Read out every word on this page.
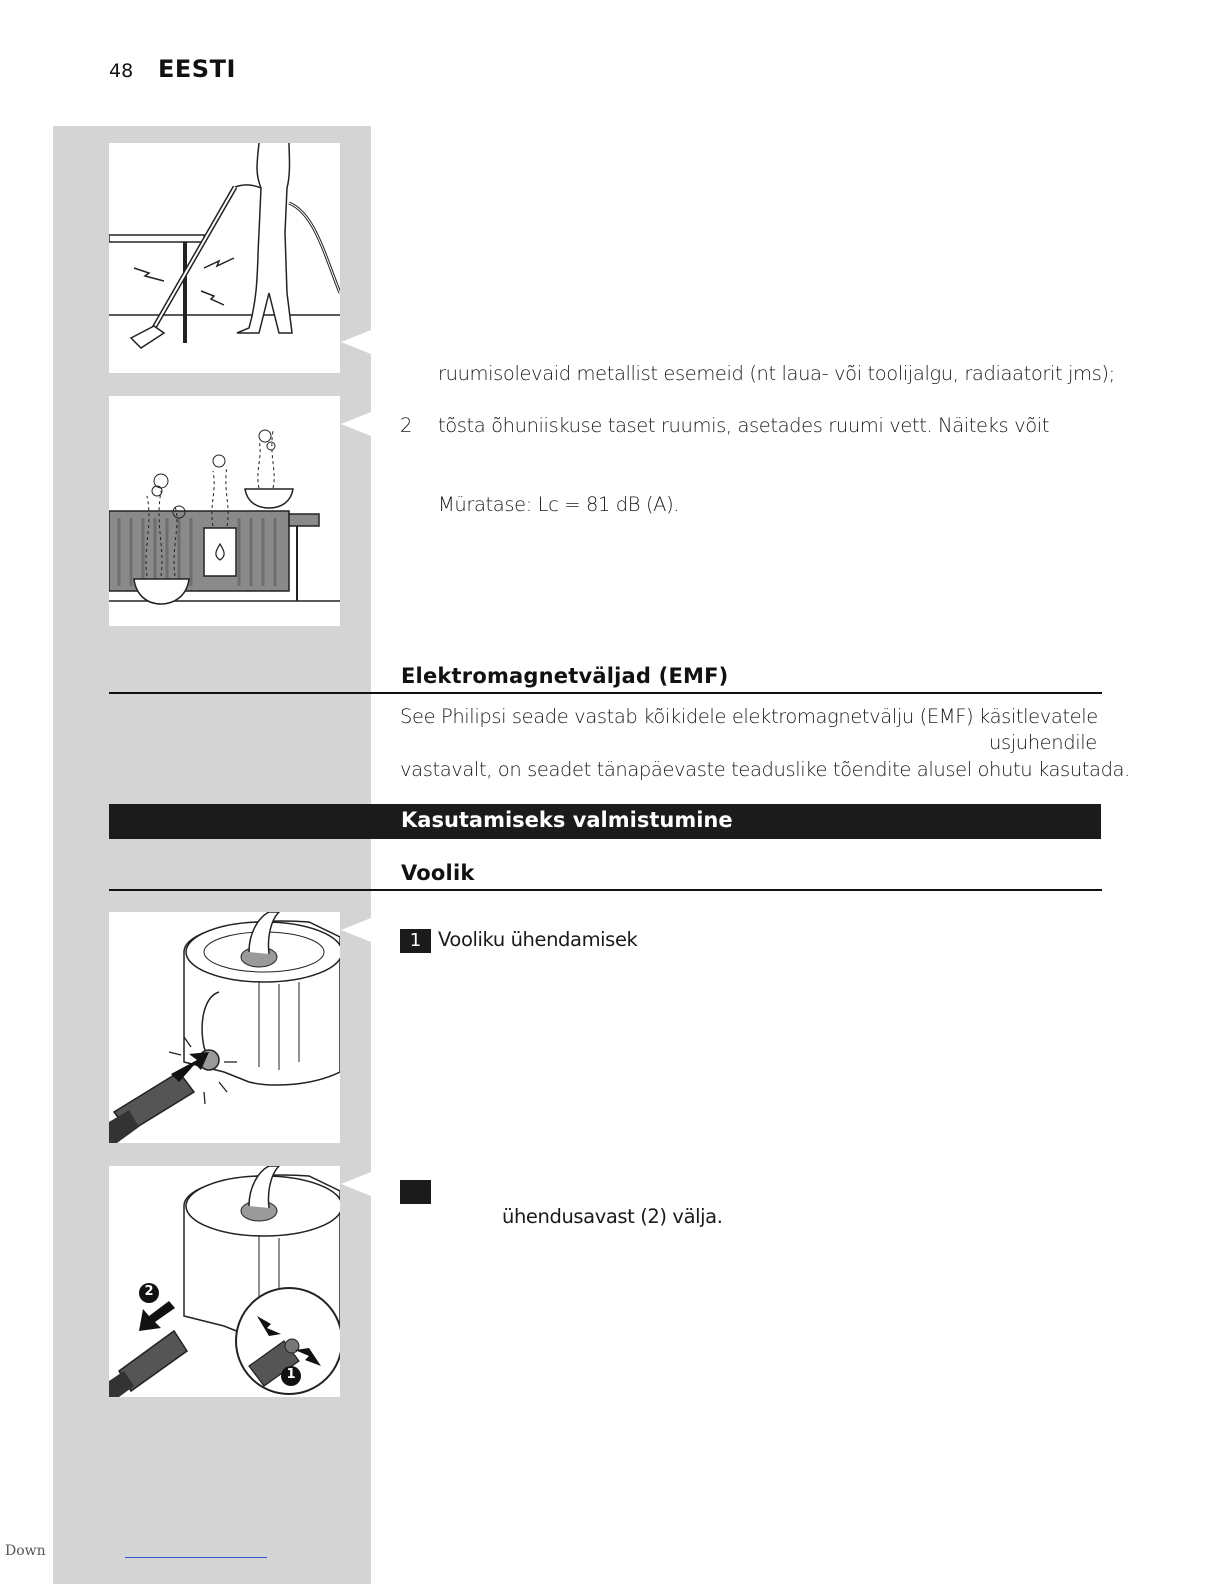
48 EESTI
ruumisolevaid metallist esemeid (nt laua- või toolijalgu, radiaatorit jms);
2 tõsta õhuniiskuse taset ruumis, asetades ruumi vett. Näiteks võit
Müratase: Lc = 81 dB (A).
Elektromagnetväljad (EMF)
See Philipsi seade vastab kõikidele elektromagnetvälju (EMF) käsitlevatele
usjuhendile
vastavalt, on seadet tänapäevaste teaduslike tõendite alusel ohutu kasutada.
Kasutamiseks valmistumine
Voolik
1 Vooliku ühendamisek
2
1
ühendusavast (2) välja.
Down
